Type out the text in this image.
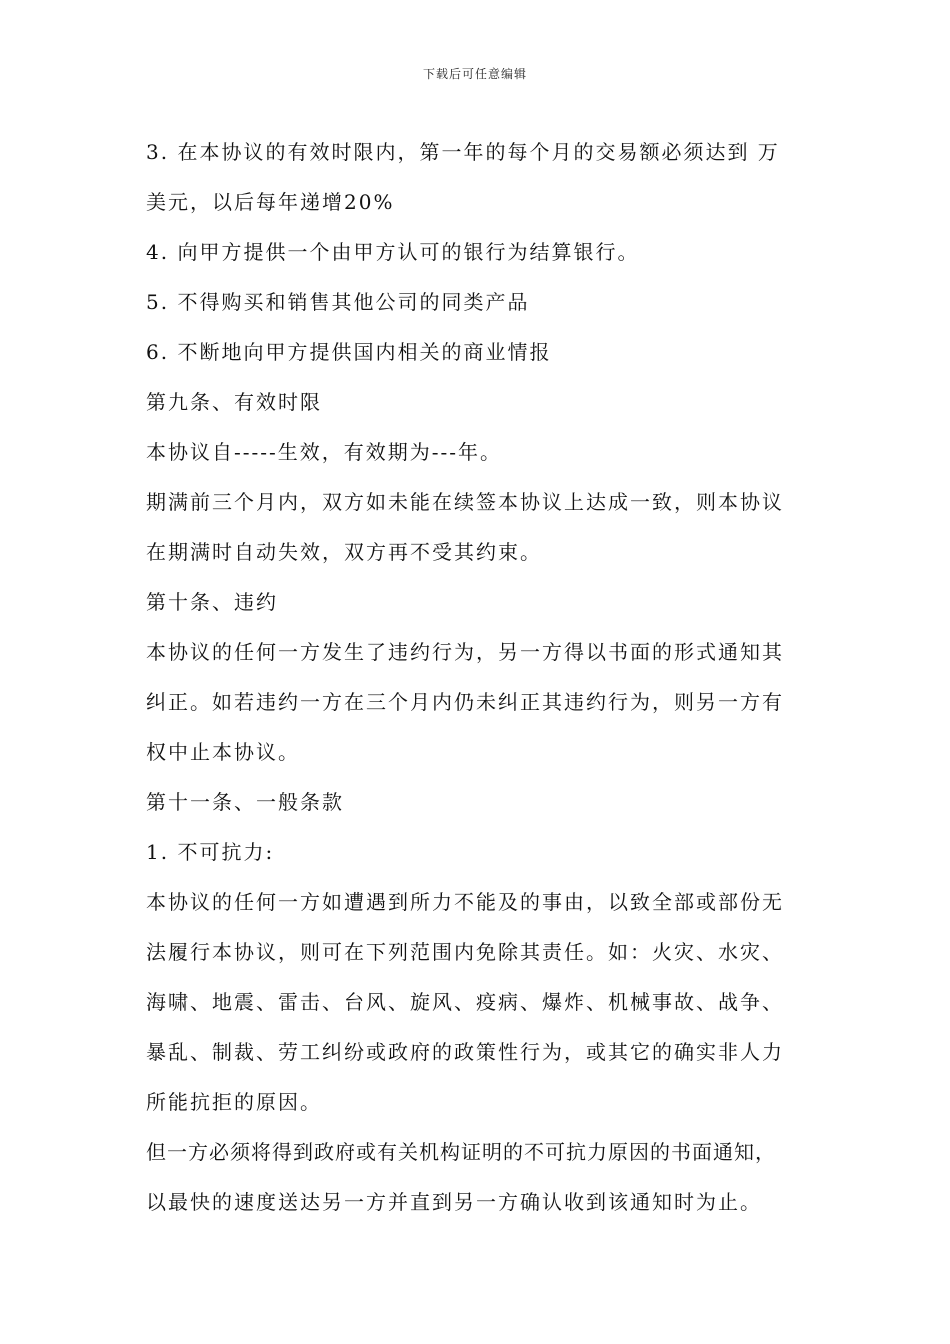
下载后可任意编辑
3. 在本协议的有效时限内，第一年的每个月的交易额必须达到 万
美元，以后每年递增20%
4. 向甲方提供一个由甲方认可的银行为结算银行。
5. 不得购买和销售其他公司的同类产品
6. 不断地向甲方提供国内相关的商业情报
第九条、有效时限
本协议自-----生效，有效期为---年。
期满前三个月内，双方如未能在续签本协议上达成一致，则本协议
在期满时自动失效，双方再不受其约束。
第十条、违约
本协议的任何一方发生了违约行为，另一方得以书面的形式通知其
纠正。如若违约一方在三个月内仍未纠正其违约行为，则另一方有
权中止本协议。
第十一条、一般条款
1. 不可抗力:
本协议的任何一方如遭遇到所力不能及的事由，以致全部或部份无
法履行本协议，则可在下列范围内免除其责任。如：火灾、水灾、
海啸、地震、雷击、台风、旋风、疫病、爆炸、机械事故、战争、
暴乱、制裁、劳工纠纷或政府的政策性行为，或其它的确实非人力
所能抗拒的原因。
但一方必须将得到政府或有关机构证明的不可抗力原因的书面通知，
以最快的速度送达另一方并直到另一方确认收到该通知时为止。
